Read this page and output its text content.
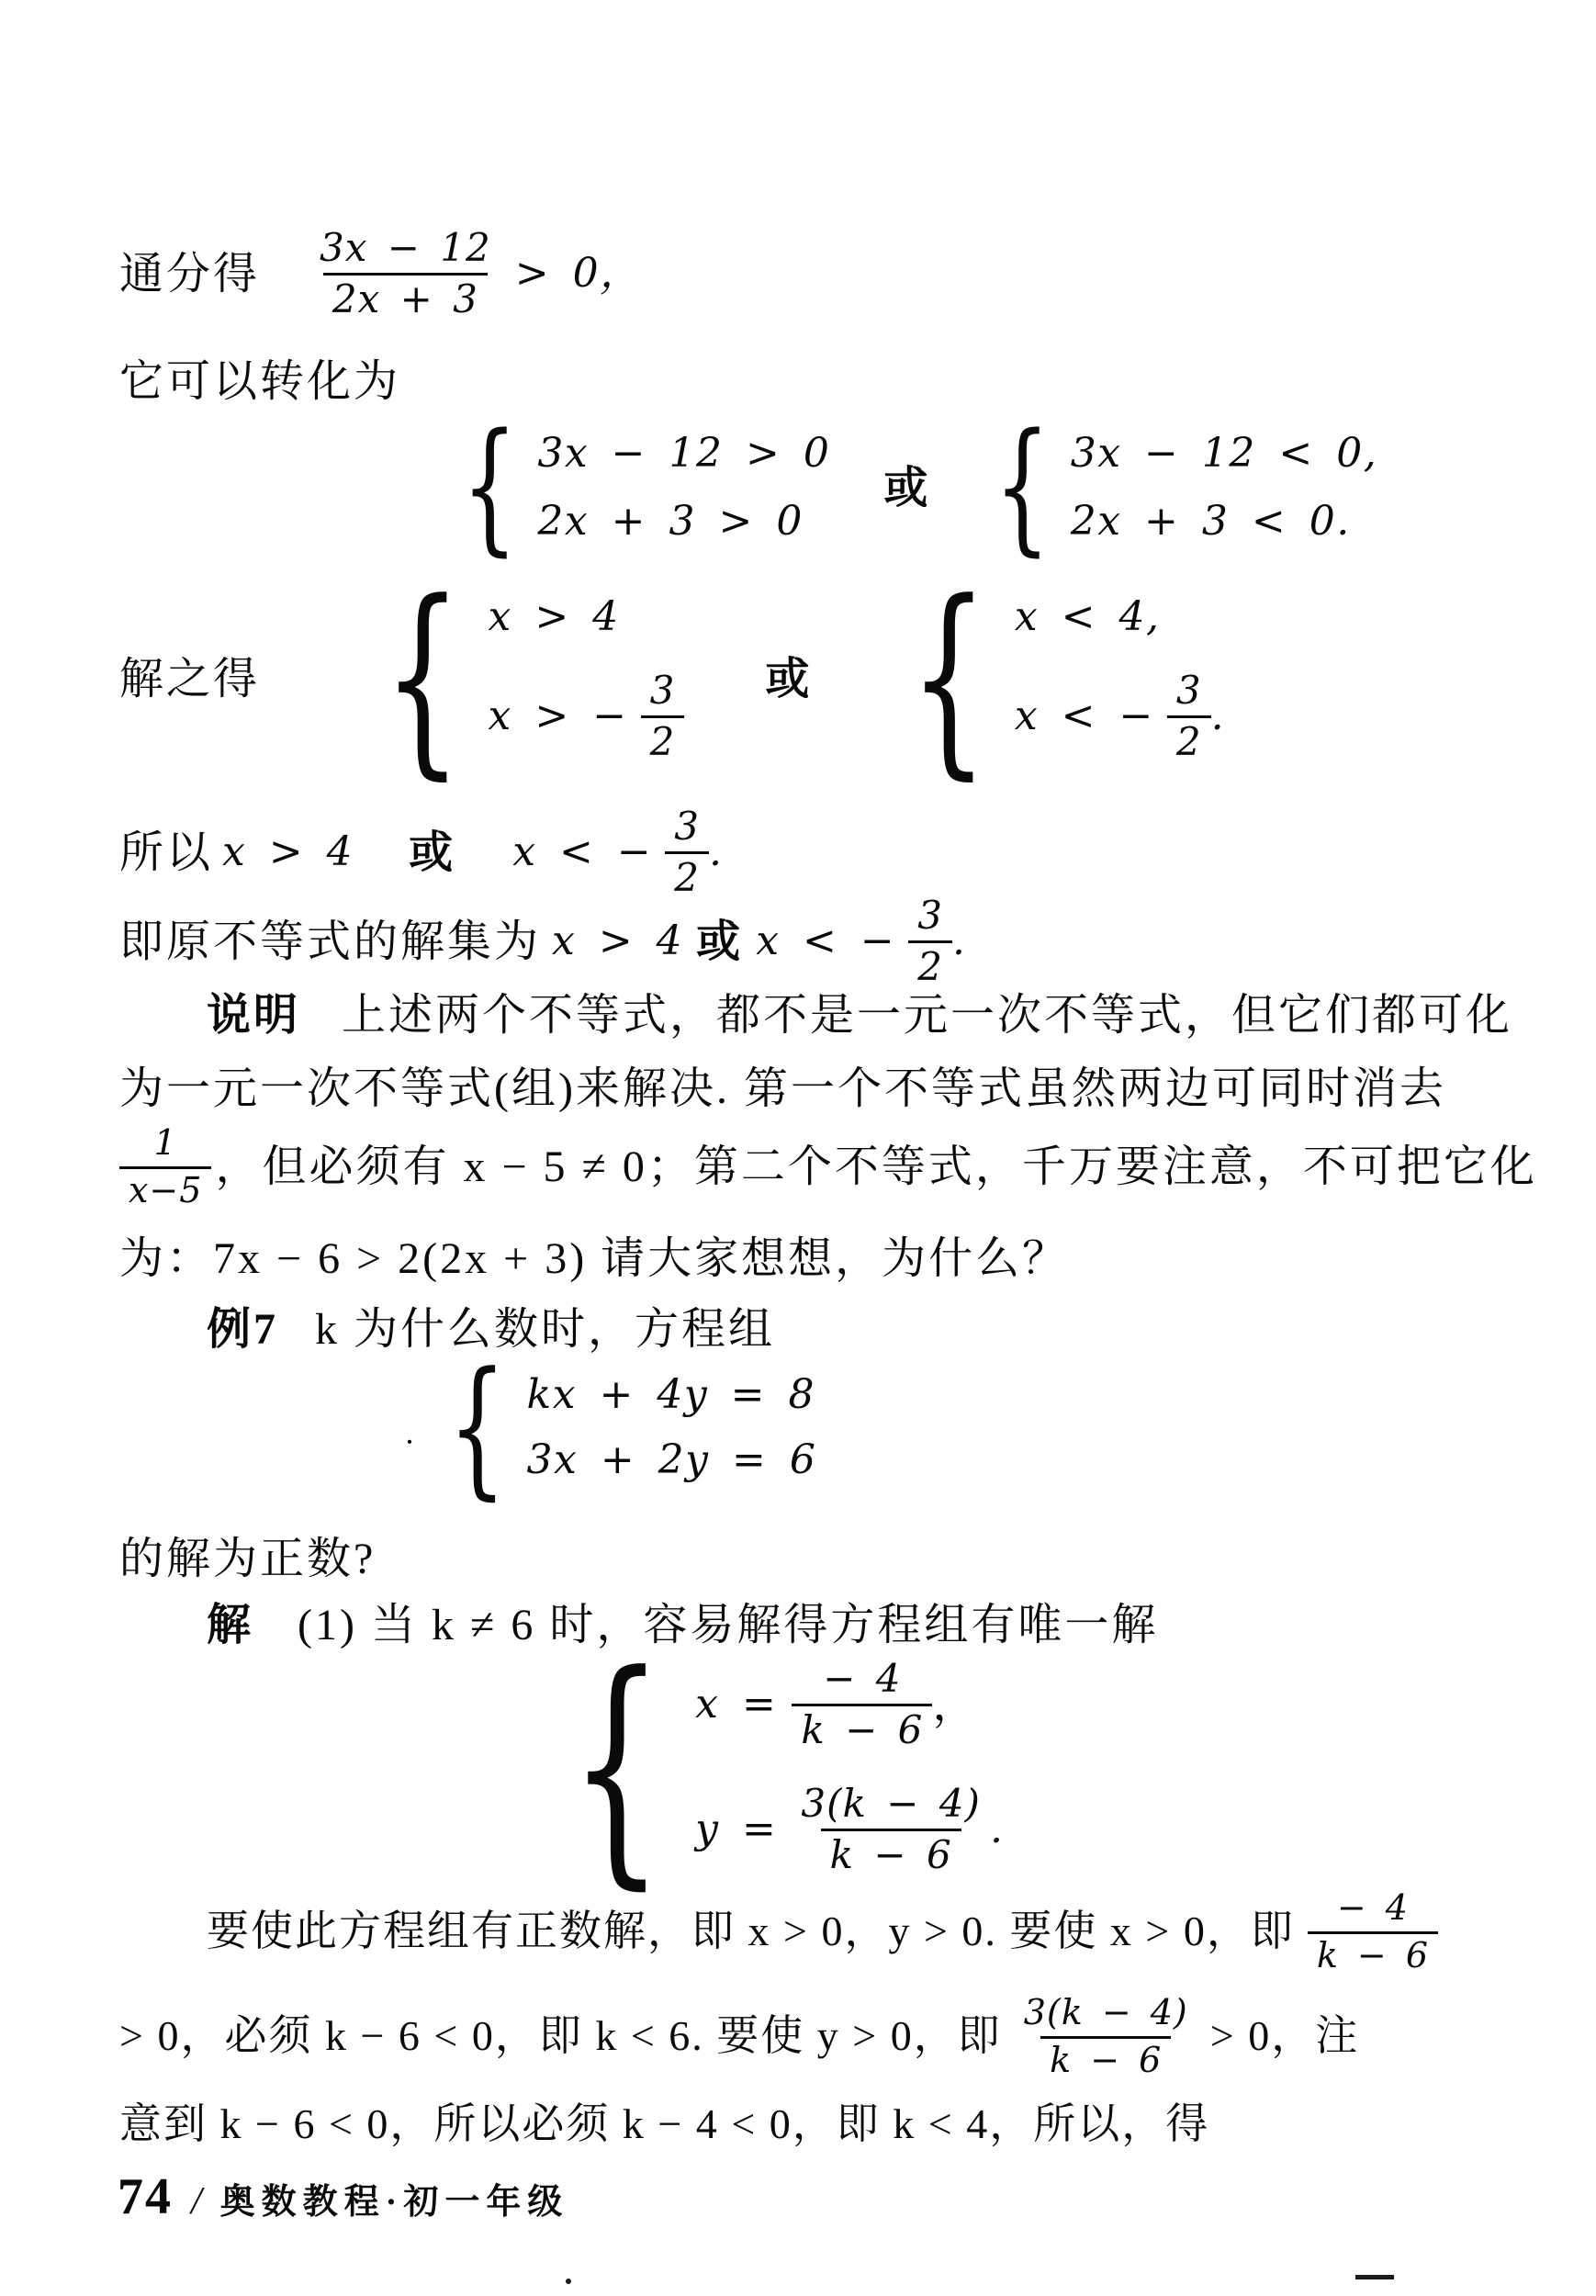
通分得 $\frac{3x - 12}{2x + 3} > 0$，
它可以转化为
{ 3x − 12 > 0
2x + 3 > 0
或 { 3x − 12 < 0,
2x + 3 < 0.
解之得 { x > 4
x > − $\frac{3}{2}$ 或 { x < 4,
x < − $\frac{3}{2}$ .
所以 x > 4 或 x < − $\frac{3}{2}$ .
即原不等式的解集为 x > 4 或 x < − $\frac{3}{2}$ .
说明 上述两个不等式，都不是一元一次不等式，但它们都可化
为一元一次不等式(组)来解决. 第一个不等式虽然两边可同时消去
$\frac{1}{x-5}$ ，但必须有 x − 5 ≠ 0；第二个不等式，千万要注意，不可把它化
为：7x − 6 > 2(2x + 3) 请大家想想，为什么？
例7 k 为什么数时，方程组
· { kx + 4y = 8
3x + 2y = 6
的解为正数?
解 (1) 当 k ≠ 6 时，容易解得方程组有唯一解
{ $x = \frac{- 4}{k - 6}$ ，
$y = \frac{3(k - 4)}{k - 6}$ .
要使此方程组有正数解，即 x > 0，y > 0. 要使 x > 0，即 $\frac{- 4}{k - 6}$
> 0，必须 k − 6 < 0，即 k < 6. 要使 y > 0，即 $\frac{3(k - 4)}{k - 6} > 0$，注
意到 k − 6 < 0，所以必须 k − 4 < 0，即 k < 4，所以，得
74 / 奥数教程·初一年级
